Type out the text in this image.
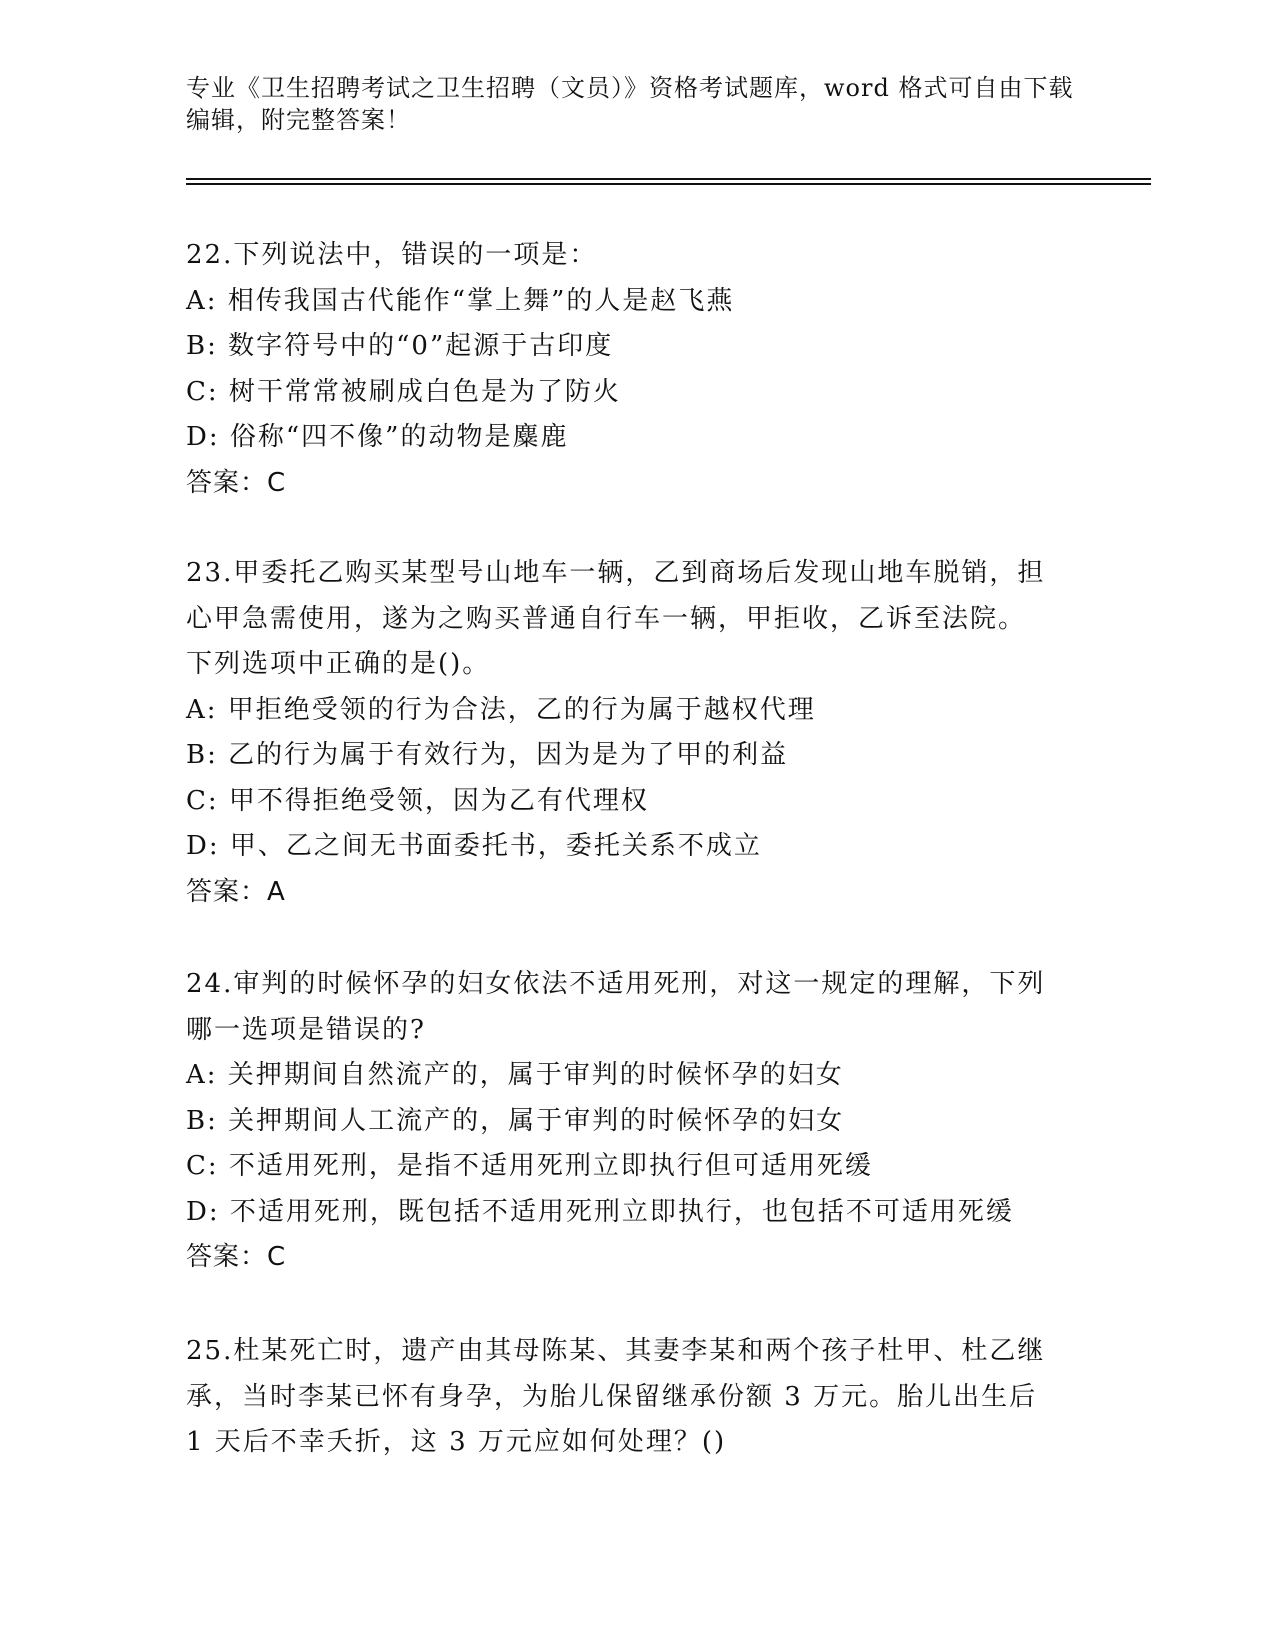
专业《卫生招聘考试之卫生招聘（文员）》资格考试题库，word 格式可自由下载
编辑，附完整答案！
22.下列说法中，错误的一项是：
A: 相传我国古代能作“掌上舞”的人是赵飞燕
B: 数字符号中的“0”起源于古印度
C: 树干常常被刷成白色是为了防火
D: 俗称“四不像”的动物是麋鹿
答案：C
23.甲委托乙购买某型号山地车一辆，乙到商场后发现山地车脱销，担
心甲急需使用，遂为之购买普通自行车一辆，甲拒收，乙诉至法院。
下列选项中正确的是()。
A: 甲拒绝受领的行为合法，乙的行为属于越权代理
B: 乙的行为属于有效行为，因为是为了甲的利益
C: 甲不得拒绝受领，因为乙有代理权
D: 甲、乙之间无书面委托书，委托关系不成立
答案：A
24.审判的时候怀孕的妇女依法不适用死刑，对这一规定的理解，下列
哪一选项是错误的?
A: 关押期间自然流产的，属于审判的时候怀孕的妇女
B: 关押期间人工流产的，属于审判的时候怀孕的妇女
C: 不适用死刑，是指不适用死刑立即执行但可适用死缓
D: 不适用死刑，既包括不适用死刑立即执行，也包括不可适用死缓
答案：C
25.杜某死亡时，遗产由其母陈某、其妻李某和两个孩子杜甲、杜乙继
承，当时李某已怀有身孕，为胎儿保留继承份额 3 万元。胎儿出生后
1 天后不幸夭折，这 3 万元应如何处理？()
